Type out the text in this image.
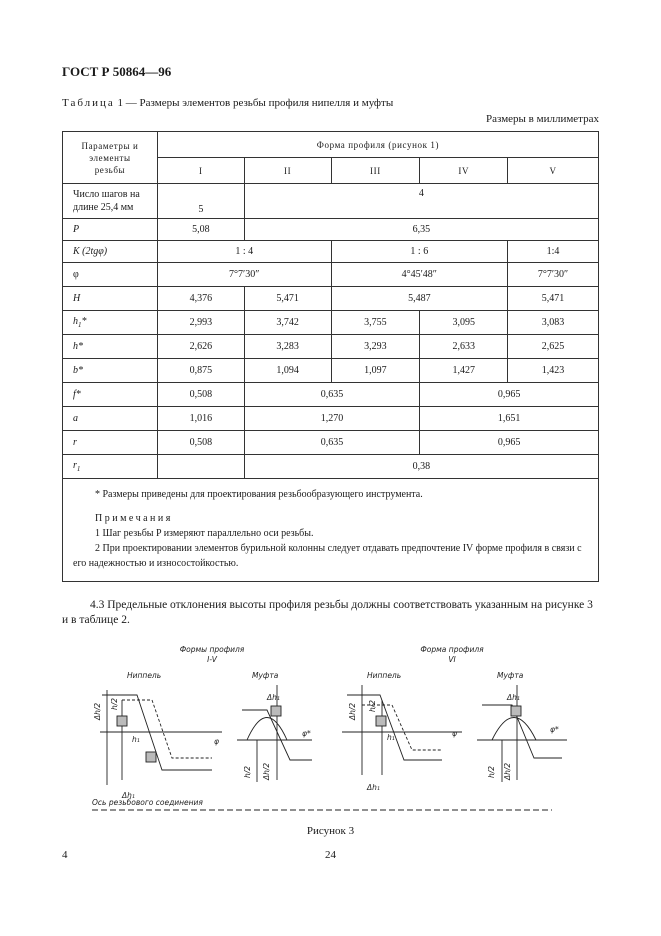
ГОСТ Р 50864—96
Таблица 1 — Размеры элементов резьбы профиля нипелля и муфты
Размеры в миллиметрах
Параметры и элементы резьбы	Форма профиля (рисунок 1)				
	I	II	III	IV	V
Число шагов на длине 25,4 мм	5	4			
P	5,08	6,35			
K (2tgφ)	1 : 4		1 : 6		1:4
φ	7°7′30″		4°45′48″		7°7′30″
H	4,376	5,471	5,487		5,471
$h_1*$	2,993	3,742	3,755	3,095	3,083
h*	2,626	3,283	3,293	2,633	2,625
b*	0,875	1,094	1,097	1,427	1,423
f*	0,508	0,635		0,965	
a	1,016	1,270		1,651	
r	0,508	0,635		0,965	
$r_1$		0,38			

* Размеры приведены для проектирования резьбообразующего инструмента.
Примечания
1 Шаг резьбы P измеряют параллельно оси резьбы.
2 При проектировании элементов бурильной колонны следует отдавать предпочтение IV форме профиля в связи с его надежностью и износостойкостью.					
4.3 Предельные отклонения высоты профиля резьбы должны соответствовать указанным на рисунке 3 и в таблице 2.
Формы профиля
I-V
Форма профиля
VI
Ниппель	Муфта	Ниппель	Муфта
Δh/2 h/2
h₁
Δh₁
φ
Δh₁
h/2 Δh/2
φ*
Δh/2 h/2
h₁
Δh₁
φ
Δh₁
h/2 Δh/2
φ*
Ось резьбового соединения
Рисунок 3
4	24
